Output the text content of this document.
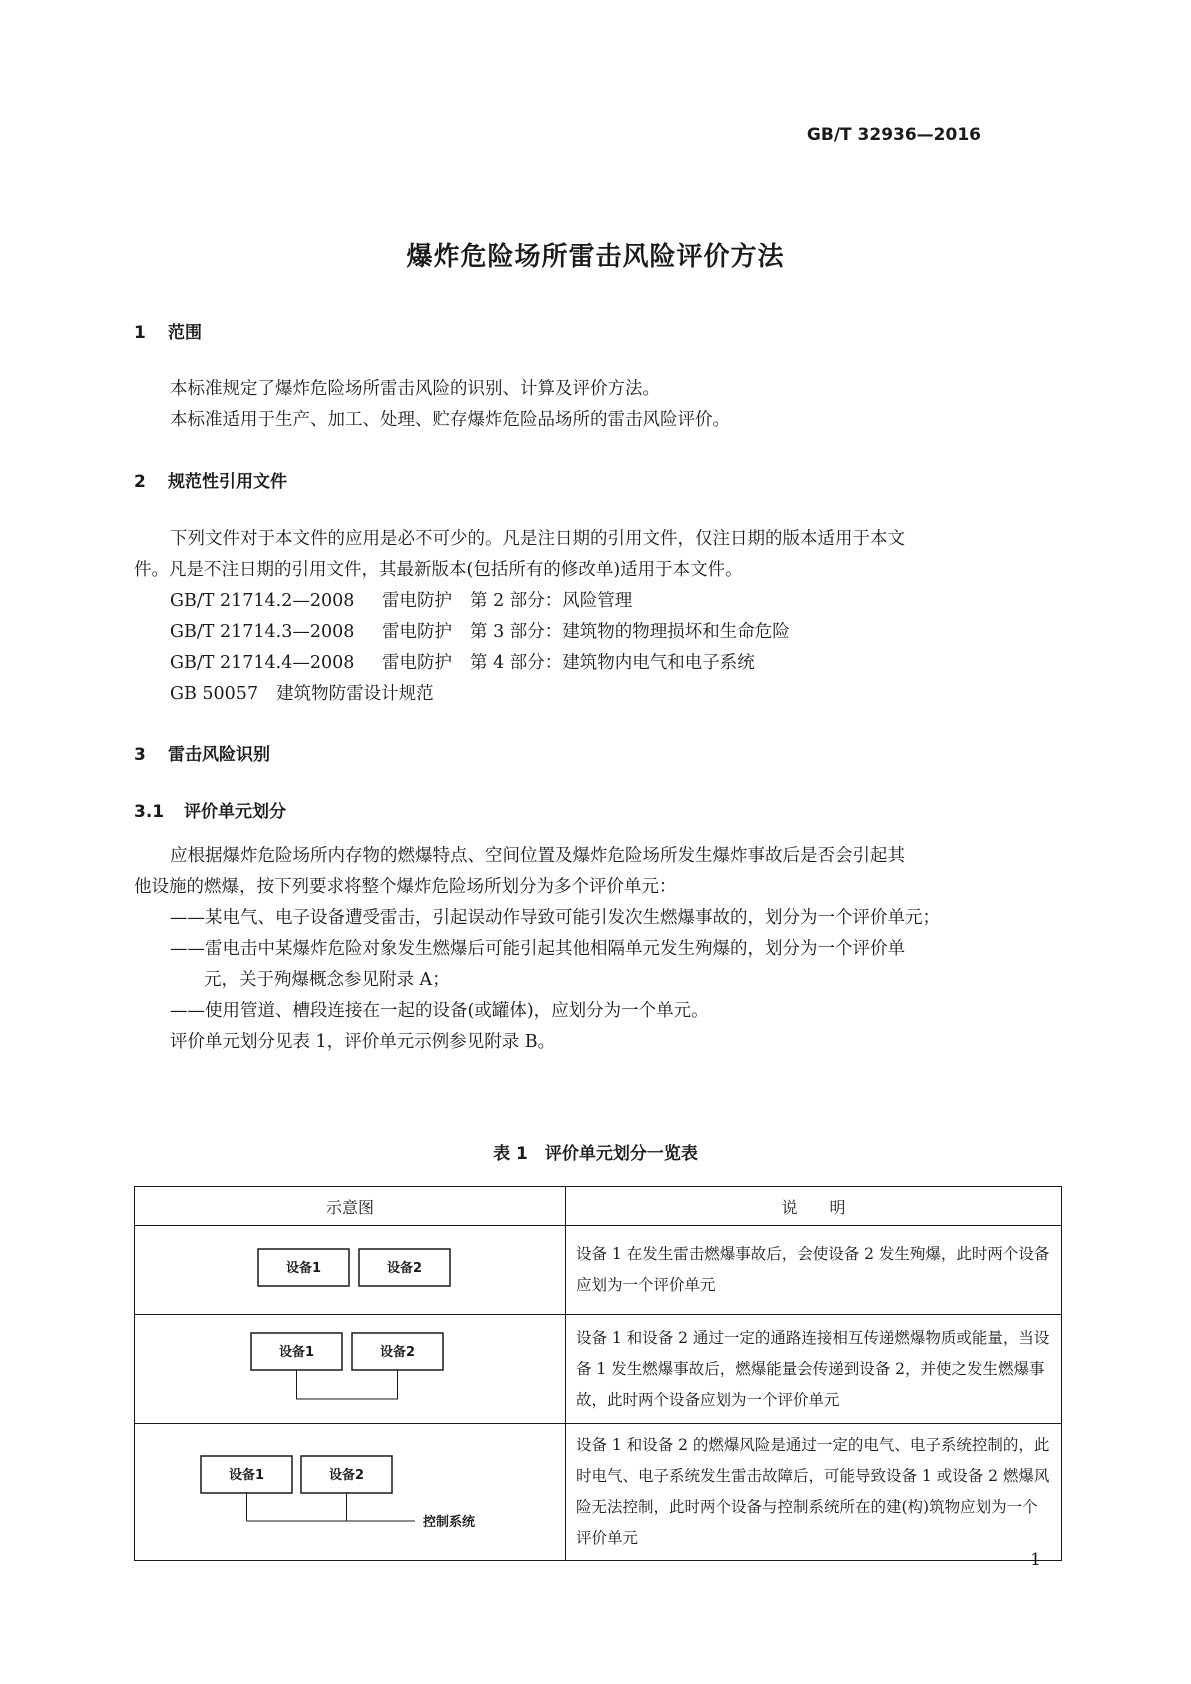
GB/T 32936—2016
爆炸危险场所雷击风险评价方法
1 范围
本标准规定了爆炸危险场所雷击风险的识别、计算及评价方法。
本标准适用于生产、加工、处理、贮存爆炸危险品场所的雷击风险评价。
2 规范性引用文件
下列文件对于本文件的应用是必不可少的。凡是注日期的引用文件，仅注日期的版本适用于本文
件。凡是不注日期的引用文件，其最新版本(包括所有的修改单)适用于本文件。
GB/T 21714.2—2008 雷电防护 第 2 部分：风险管理
GB/T 21714.3—2008 雷电防护 第 3 部分：建筑物的物理损坏和生命危险
GB/T 21714.4—2008 雷电防护 第 4 部分：建筑物内电气和电子系统
GB 50057 建筑物防雷设计规范
3 雷击风险识别
3.1 评价单元划分
应根据爆炸危险场所内存物的燃爆特点、空间位置及爆炸危险场所发生爆炸事故后是否会引起其
他设施的燃爆，按下列要求将整个爆炸危险场所划分为多个评价单元：
——某电气、电子设备遭受雷击，引起误动作导致可能引发次生燃爆事故的，划分为一个评价单元；
——雷电击中某爆炸危险对象发生燃爆后可能引起其他相隔单元发生殉爆的，划分为一个评价单
元，关于殉爆概念参见附录 A；
——使用管道、槽段连接在一起的设备(或罐体)，应划分为一个单元。
评价单元划分见表 1，评价单元示例参见附录 B。
表 1　评价单元划分一览表
示意图	说　　明

设备1 设备2	设备 1 在发生雷击燃爆事故后，会使设备 2 发生殉爆，此时两个设备应划为一个评价单元

设备1 设备2	设备 1 和设备 2 通过一定的通路连接相互传递燃爆物质或能量，当设备 1 发生燃爆事故后，燃爆能量会传递到设备 2，并使之发生燃爆事故，此时两个设备应划为一个评价单元

设备1 设备2
控制系统	设备 1 和设备 2 的燃爆风险是通过一定的电气、电子系统控制的，此时电气、电子系统发生雷击故障后，可能导致设备 1 或设备 2 燃爆风险无法控制，此时两个设备与控制系统所在的建(构)筑物应划为一个评价单元
1
